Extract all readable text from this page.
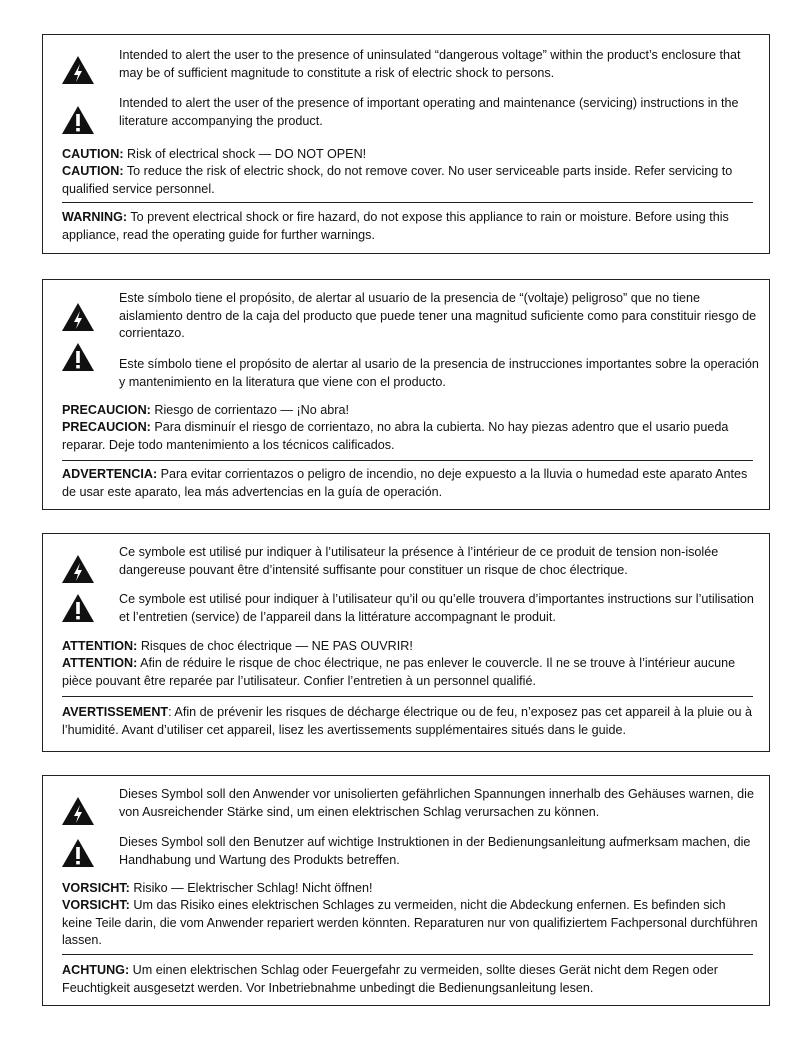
Intended to alert the user to the presence of uninsulated “dangerous voltage” within the product’s enclosure that may be of sufficient magnitude to constitute a risk of electric shock to persons.
Intended to alert the user of the presence of important operating and maintenance (servicing) instructions in the literature accompanying the product.
CAUTION: Risk of electrical shock — DO NOT OPEN!
CAUTION: To reduce the risk of electric shock, do not remove cover. No user serviceable parts inside. Refer servicing to qualified service personnel.
WARNING: To prevent electrical shock or fire hazard, do not expose this appliance to rain or moisture. Before using this appliance, read the operating guide for further warnings.
Este símbolo tiene el propósito, de alertar al usuario de la presencia de “(voltaje) peligroso” que no tiene aislamiento dentro de la caja del producto que puede tener una magnitud suficiente como para constituir riesgo de corrientazo.
Este símbolo tiene el propósito de alertar al usario de la presencia de instrucciones importantes sobre la operación y mantenimiento en la literatura que viene con el producto.
PRECAUCION: Riesgo de corrientazo — ¡No abra!
PRECAUCION: Para disminuír el riesgo de corrientazo, no abra la cubierta. No hay piezas adentro que el usario pueda reparar. Deje todo mantenimiento a los técnicos calificados.
ADVERTENCIA: Para evitar corrientazos o peligro de incendio, no deje expuesto a la lluvia o humedad este aparato Antes de usar este aparato, lea más advertencias en la guía de operación.
Ce symbole est utilisé pur indiquer à l’utilisateur la présence à l’intérieur de ce produit de tension non-isolée dangereuse pouvant être d’intensité suffisante pour constituer un risque de choc électrique.
Ce symbole est utilisé pour indiquer à l’utilisateur qu’il ou qu’elle trouvera d’importantes instructions sur l’utilisation et l’entretien (service) de l’appareil dans la littérature accompagnant le produit.
ATTENTION: Risques de choc électrique — NE PAS OUVRIR!
ATTENTION: Afin de réduire le risque de choc électrique, ne pas enlever le couvercle. Il ne se trouve à l’intérieur aucune pièce pouvant être reparée par l’utilisateur. Confier l’entretien à un personnel qualifié.
AVERTISSEMENT: Afin de prévenir les risques de décharge électrique ou de feu, n’exposez pas cet appareil à la pluie ou à l’humidité. Avant d’utiliser cet appareil, lisez les avertissements supplémentaires situés dans le guide.
Dieses Symbol soll den Anwender vor unisolierten gefährlichen Spannungen innerhalb des Gehäuses warnen, die von Ausreichender Stärke sind, um einen elektrischen Schlag verursachen zu können.
Dieses Symbol soll den Benutzer auf wichtige Instruktionen in der Bedienungsanleitung aufmerksam machen, die Handhabung und Wartung des Produkts betreffen.
VORSICHT: Risiko — Elektrischer Schlag! Nicht öffnen!
VORSICHT: Um das Risiko eines elektrischen Schlages zu vermeiden, nicht die Abdeckung enfernen. Es befinden sich keine Teile darin, die vom Anwender repariert werden könnten. Reparaturen nur von qualifiziertem Fachpersonal durchführen lassen.
ACHTUNG: Um einen elektrischen Schlag oder Feuergefahr zu vermeiden, sollte dieses Gerät nicht dem Regen oder Feuchtigkeit ausgesetzt werden. Vor Inbetriebnahme unbedingt die Bedienungsanleitung lesen.
